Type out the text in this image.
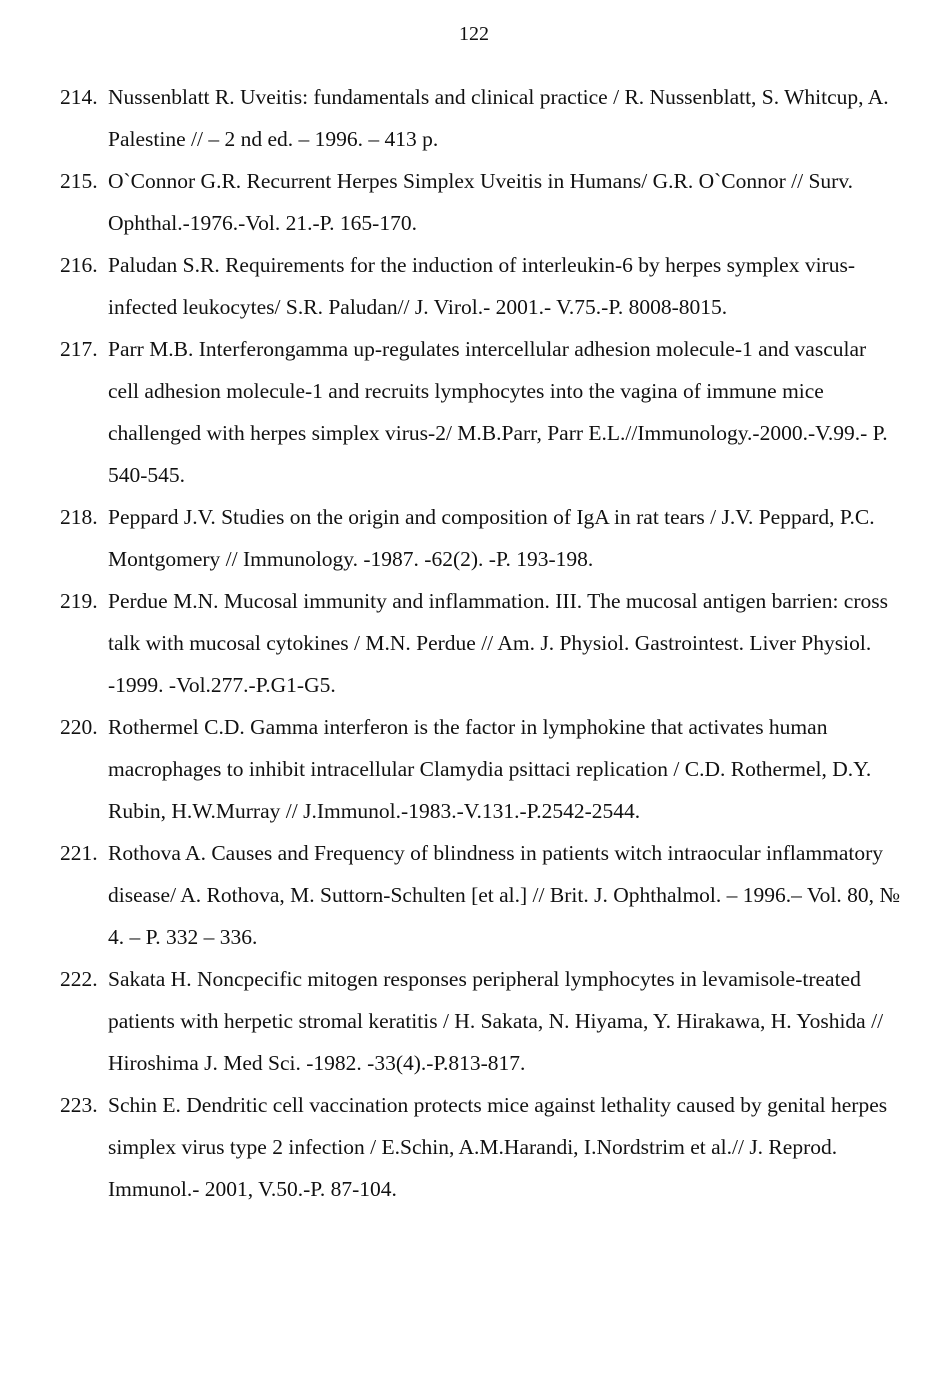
122
214. Nussenblatt R. Uveitis: fundamentals and clinical practice / R. Nussenblatt, S. Whitcup, A. Palestine // – 2 nd ed. – 1996. – 413 p.
215. O`Connor G.R. Recurrent Herpes Simplex Uveitis in Humans/ G.R. O`Connor // Surv. Ophthal.-1976.-Vol. 21.-P. 165-170.
216. Paludan S.R. Requirements for the induction of interleukin-6 by herpes symplex virus- infected leukocytes/ S.R. Paludan// J. Virol.- 2001.- V.75.-P. 8008-8015.
217. Parr M.B. Interferongamma up-regulates intercellular adhesion molecule-1 and vascular cell adhesion molecule-1 and recruits lymphocytes into the vagina of immune mice challenged with herpes simplex virus-2/ M.B.Parr, Parr E.L.//Immunology.-2000.-V.99.- P. 540-545.
218. Peppard J.V. Studies on the origin and composition of IgA in rat tears / J.V. Peppard, P.C. Montgomery // Immunology. -1987. -62(2). -P. 193-198.
219. Perdue M.N. Mucosal immunity and inflammation. III. The mucosal antigen barrien: cross talk with mucosal cytokines / M.N. Perdue // Am. J. Physiol. Gastrointest. Liver Physiol. -1999. -Vol.277.-P.G1-G5.
220. Rothermel C.D. Gamma interferon is the factor in lymphokine that activates human macrophages to inhibit intracellular Clamydia psittaci replication / C.D. Rothermel, D.Y. Rubin, H.W.Murray // J.Immunol.-1983.-V.131.-P.2542-2544.
221. Rothova A. Causes and Frequency of blindness in patients witch intraocular inflammatory disease/ A. Rothova, M. Suttorn-Schulten [et al.] // Brit. J. Ophthalmol. – 1996.– Vol. 80, № 4. – P. 332 – 336.
222. Sakata H. Noncpecific mitogen responses peripheral lymphocytes in levamisole-treated patients with herpetic stromal keratitis / H. Sakata, N. Hiyama, Y. Hirakawa, H. Yoshida // Hiroshima J. Med Sci. -1982. -33(4).-P.813-817.
223. Schin E. Dendritic cell vaccination protects mice against lethality caused by genital herpes simplex virus type 2 infection / E.Schin, A.M.Harandi, I.Nordstrim et al.// J. Reprod. Immunol.- 2001, V.50.-P. 87-104.
